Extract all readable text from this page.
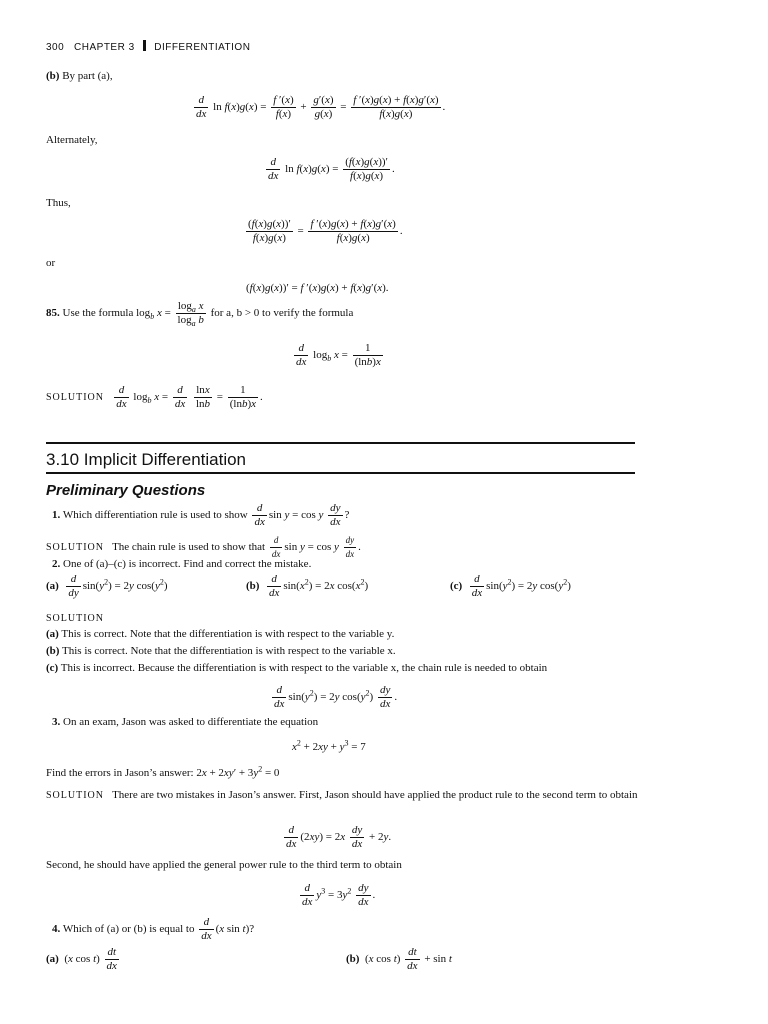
300 CHAPTER 3 DIFFERENTIATION
(b) By part (a),
$\frac{d}{dx}$ $\ln f(x)g(x) = \frac{f '(x)}{f(x)} + \frac{g'(x)}{g(x)} = \frac{f '(x)g(x) + f(x)g'(x)}{f(x)g(x)}$ .
Alternately,
$\frac{d}{dx}$ $\ln f(x)g(x) = \frac{(f(x)g(x))'}{f(x)g(x)}$ .
Thus,
$\frac{(f(x)g(x))'}{f(x)g(x)} = \frac{f '(x)g(x) + f(x)g'(x)}{f(x)g(x)}$ .
or
(f(x)g(x))′ = f ′(x)g(x) + f(x)g′(x).
85. Use the formula $\log_b x = \frac{\log_a x}{\log_a b}$ for a, b > 0 to verify the formula
$\frac{d}{dx} \log_b x = \frac{1}{(\ln b)x}$
SOLUTION $\frac{d}{dx} \log_b x = \frac{d}{dx}$
$\frac{\ln x}{\ln b} = \frac{1}{(\ln b)x}$ .
3.10 Implicit Differentiation
Preliminary Questions
1. Which differentiation rule is used to show $\frac{d}{dx}$ sin y = cos y $\frac{dy}{dx}$ ?
SOLUTION The chain rule is used to show that $\frac{d}{dx}$ sin y = cos y $\frac{dy}{dx}$ .
2. One of (a)–(c) is incorrect. Find and correct the mistake.
$(a) \frac{d}{dy} \sin(y^2) = 2y$ $\cos(y^2)$	$(b) \frac{d}{dx} \sin(x^2) = 2x$ $\cos(x^2)$	$(c) \frac{d}{dx} \sin(y^2) = 2y$ $\cos(y^2)$
SOLUTION
(a) This is correct. Note that the differentiation is with respect to the variable y.
(b) This is correct. Note that the differentiation is with respect to the variable x.
(c) This is incorrect. Because the differentiation is with respect to the variable x, the chain rule is needed to obtain
$\frac{d}{dx} \sin(y^2) = 2y$ $\cos(y^2) \frac{dy}{dx}$ .
3. On an exam, Jason was asked to differentiate the equation
$x^2 + 2xy + y^3 = 7$
Find the errors in Jason’s answer: $2x + 2xy' + 3y^2 = 0$
SOLUTION There are two mistakes in Jason’s answer. First, Jason should have applied the product rule to the second term to obtain
$\frac{d}{dx} (2xy) = 2x \frac{dy}{dx} + 2y$.
Second, he should have applied the general power rule to the third term to obtain
$\frac{d}{dx} y^3 = 3y^2 \frac{dy}{dx}$ .
4. Which of (a) or (b) is equal to $\frac{d}{dx} (x$ sin t)?
(a)  (x $\cos t) \frac{dt}{dx}$	(b)  (x $\cos t) \frac{dt}{dx} + \sin t$
